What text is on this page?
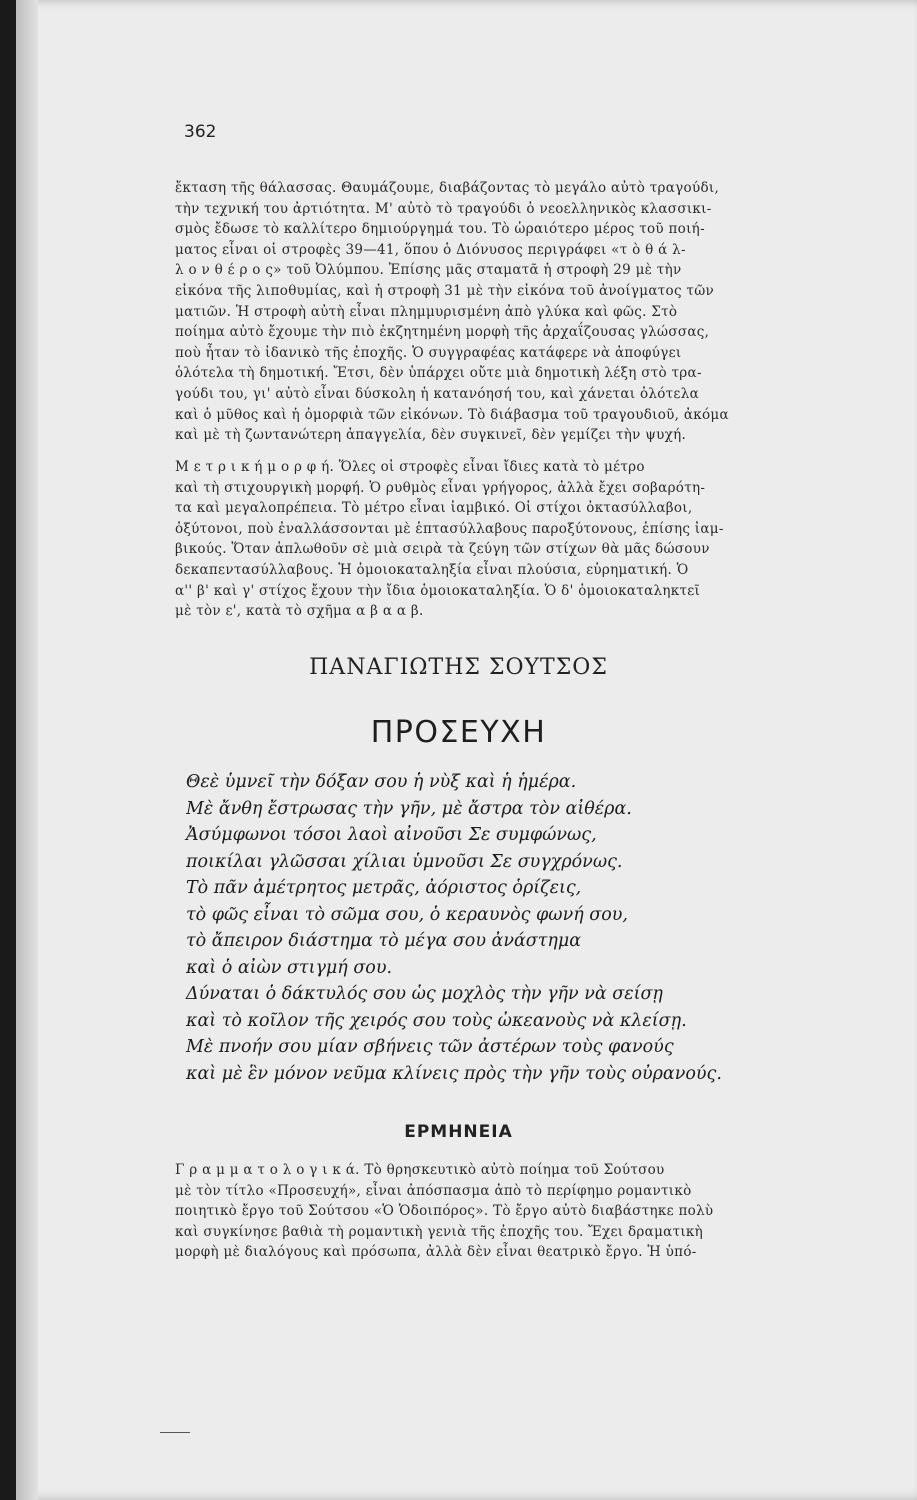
362

ἔκταση τῆς θάλασσας. Θαυμάζουμε, διαβάζοντας τὸ μεγάλο αὐτὸ τραγούδι,

τὴν τεχνική του ἀρτιότητα. Μ' αὐτὸ τὸ τραγούδι ὁ νεοελληνικὸς κλασσικι-

σμὸς ἔδωσε τὸ καλλίτερο δημιούργημά του. Τὸ ὡραιότερο μέρος τοῦ ποιή-

ματος εἶναι οἱ στροφὲς 39—41, ὅπου ὁ Διόνυσος περιγράφει «τ ὸ θ ά λ-

λ ο ν θ έ ρ ο ς» τοῦ Ὀλύμπου. Ἐπίσης μᾶς σταματᾶ ἡ στροφὴ 29 μὲ τὴν

εἰκόνα τῆς λιποθυμίας, καὶ ἡ στροφὴ 31 μὲ τὴν εἰκόνα τοῦ ἀνοίγματος τῶν

ματιῶν. Ἡ στροφὴ αὐτὴ εἶναι πλημμυρισμένη ἀπὸ γλύκα καὶ φῶς. Στὸ

ποίημα αὐτὸ ἔχουμε τὴν πιὸ ἐκζητημένη μορφὴ τῆς ἀρχαΐζουσας γλώσσας,

ποὺ ἦταν τὸ ἰδανικὸ τῆς ἐποχῆς. Ὁ συγγραφέας κατάφερε νὰ ἀποφύγει

ὁλότελα τὴ δημοτική. Ἔτσι, δὲν ὑπάρχει οὔτε μιὰ δημοτικὴ λέξη στὸ τρα-

γούδι του, γι' αὐτὸ εἶναι δύσκολη ἡ κατανόησή του, καὶ χάνεται ὁλότελα

καὶ ὁ μῦθος καὶ ἡ ὀμορφιὰ τῶν εἰκόνων. Τὸ διάβασμα τοῦ τραγουδιοῦ, ἀκόμα

καὶ μὲ τὴ ζωντανώτερη ἀπαγγελία, δὲν συγκινεῖ, δὲν γεμίζει τὴν ψυχή.

Μ ε τ ρ ι κ ή μ ο ρ φ ή. Ὅλες οἱ στροφὲς εἶναι ἴδιες κατὰ τὸ μέτρο

καὶ τὴ στιχουργικὴ μορφή. Ὁ ρυθμὸς εἶναι γρήγορος, ἀλλὰ ἔχει σοβαρότη-

τα καὶ μεγαλοπρέπεια. Τὸ μέτρο εἶναι ἰαμβικό. Οἱ στίχοι ὀκτασύλλαβοι,

ὀξύτονοι, ποὺ ἐναλλάσσονται μὲ ἑπτασύλλαβους παροξύτονους, ἐπίσης ἰαμ-

βικούς. Ὅταν ἁπλωθοῦν σὲ μιὰ σειρὰ τὰ ζεύγη τῶν στίχων θὰ μᾶς δώσουν

δεκαπεντασύλλαβους. Ἡ ὁμοιοκαταληξία εἶναι πλούσια, εὑρηματική. Ὁ

α'' β' καὶ γ' στίχος ἔχουν τὴν ἴδια ὁμοιοκαταληξία. Ὁ δ' ὁμοιοκαταληκτεῖ

μὲ τὸν ε', κατὰ τὸ σχῆμα α β α α β.

ΠΑΝΑΓΙΩΤΗΣ ΣΟΥΤΣΟΣ
ΠΡΟΣΕΥΧΗ

Θεὲ ὑμνεῖ τὴν δόξαν σου ἡ νὺξ καὶ ἡ ἡμέρα.

Μὲ ἄνθη ἔστρωσας τὴν γῆν, μὲ ἄστρα τὸν αἰθέρα.

Ἀσύμφωνοι τόσοι λαοὶ αἰνοῦσι Σε συμφώνως,

ποικίλαι γλῶσσαι χίλιαι ὑμνοῦσι Σε συγχρόνως.

Τὸ πᾶν ἀμέτρητος μετρᾶς, ἀόριστος ὁρίζεις,

τὸ φῶς εἶναι τὸ σῶμα σου, ὁ κεραυνὸς φωνή σου,

τὸ ἄπειρον διάστημα τὸ μέγα σου ἀνάστημα

καὶ ὁ αἰὼν στιγμή σου.

Δύναται ὁ δάκτυλός σου ὡς μοχλὸς τὴν γῆν νὰ σείσῃ

καὶ τὸ κοῖλον τῆς χειρός σου τοὺς ὠκεανοὺς νὰ κλείσῃ.

Μὲ πνοήν σου μίαν σβήνεις τῶν ἀστέρων τοὺς φανούς

καὶ μὲ ἓν μόνον νεῦμα κλίνεις πρὸς τὴν γῆν τοὺς οὐρανούς.

ΕΡΜΗΝΕΙΑ

Γ ρ α μ μ α τ ο λ ο γ ι κ ά. Τὸ θρησκευτικὸ αὐτὸ ποίημα τοῦ Σούτσου

μὲ τὸν τίτλο «Προσευχή», εἶναι ἀπόσπασμα ἀπὸ τὸ περίφημο ρομαντικὸ

ποιητικὸ ἔργο τοῦ Σούτσου «Ὁ Ὁδοιπόρος». Τὸ ἔργο αὐτὸ διαβάστηκε πολὺ

καὶ συγκίνησε βαθιὰ τὴ ρομαντικὴ γενιὰ τῆς ἐποχῆς του. Ἔχει δραματικὴ

μορφὴ μὲ διαλόγους καὶ πρόσωπα, ἀλλὰ δὲν εἶναι θεατρικὸ ἔργο. Ἡ ὑπό-
